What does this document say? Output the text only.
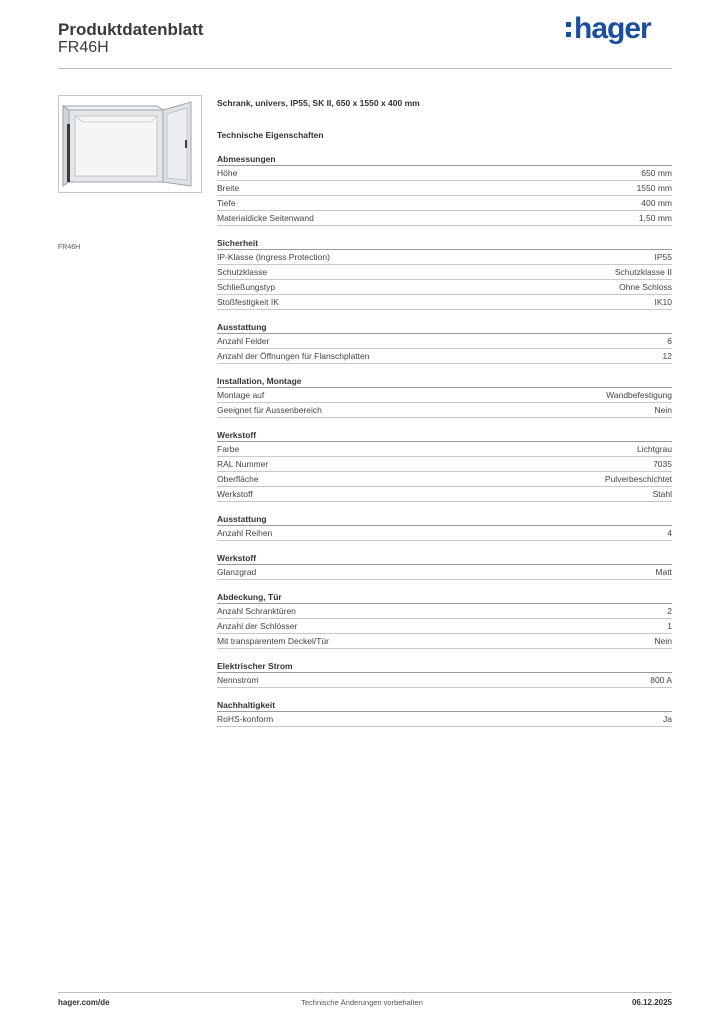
Produktdatenblatt
FR46H
hager
FR46H
Schrank, univers, IP55, SK II, 650 x 1550 x 400 mm
Technische Eigenschaften
Abmessungen
Höhe	650 mm
Breite	1550 mm
Tiefe	400 mm
Materialdicke Seitenwand	1,50 mm
Sicherheit
IP-Klasse (Ingress Protection)	IP55
Schutzklasse	Schutzklasse II
Schließungstyp	Ohne Schloss
Stoßfestigkeit IK	IK10
Ausstattung
Anzahl Felder	6
Anzahl der Öffnungen für Flanschplatten	12
Installation, Montage
Montage auf	Wandbefestigung
Geeignet für Aussenbereich	Nein
Werkstoff
Farbe	Lichtgrau
RAL Nummer	7035
Oberfläche	Pulverbeschichtet
Werkstoff	Stahl
Ausstattung
Anzahl Reihen	4
Werkstoff
Glanzgrad	Matt
Abdeckung, Tür
Anzahl Schranktüren	2
Anzahl der Schlösser	1
Mit transparentem Deckel/Tür	Nein
Elektrischer Strom
Nennstrom	800 A
Nachhaltigkeit
RoHS-konform	Ja
hager.com/de	Technische Änderungen vorbehalten	06.12.2025
